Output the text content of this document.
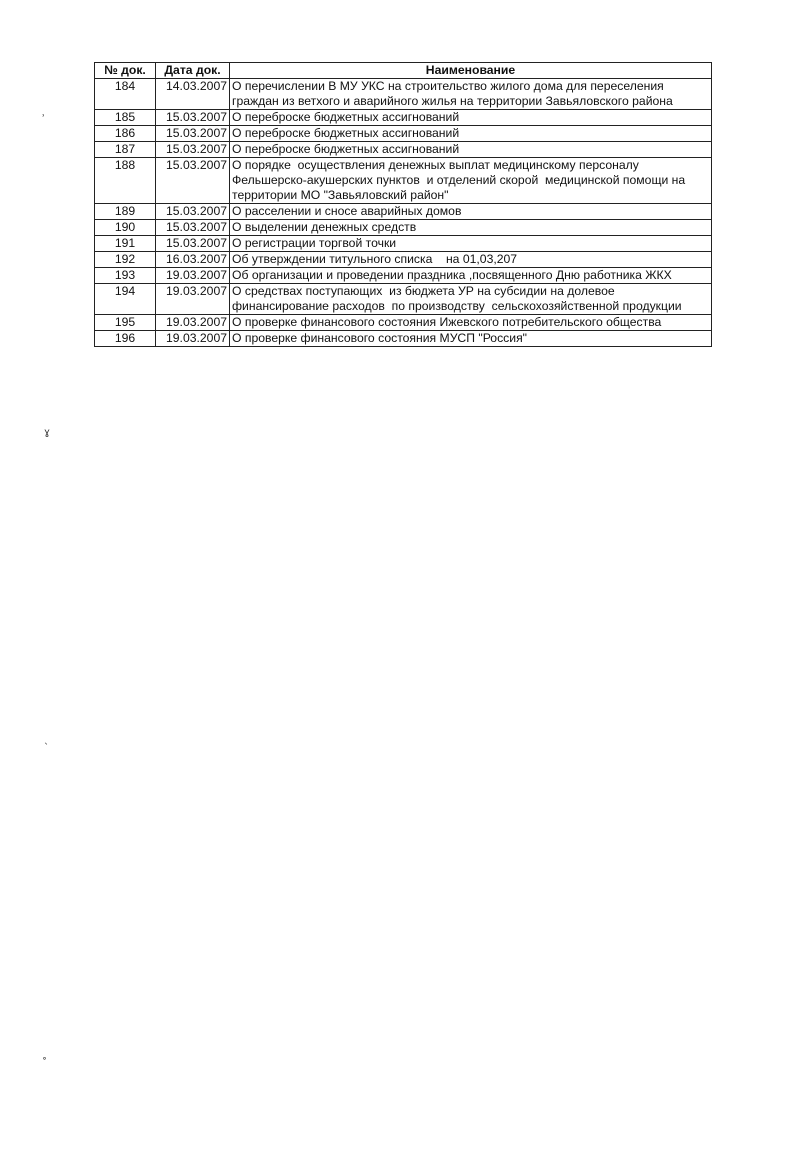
№ док.	Дата док.	Наименование
184	14.03.2007	О перечислении В МУ УКС на строительство жилого дома для переселения граждан из ветхого и аварийного жилья на территории Завьяловского района
185	15.03.2007	О переброске бюджетных ассигнований
186	15.03.2007	О переброске бюджетных ассигнований
187	15.03.2007	О переброске бюджетных ассигнований
188	15.03.2007	О порядке  осуществления денежных выплат медицинскому персоналу Фельшерско-акушерских пунктов  и отделений скорой  медицинской помощи на территории МО "Завьяловский район"
189	15.03.2007	О расселении и сносе аварийных домов
190	15.03.2007	О выделении денежных средств
191	15.03.2007	О регистрации торгвой точки
192	16.03.2007	Об утверждении титульного списка    на 01,03,207
193	19.03.2007	Об организации и проведении праздника ,посвященного Дню работника ЖКХ
194	19.03.2007	О средствах поступающих  из бюджета УР на субсидии на долевое финансирование расходов  по производству  сельскохозяйственной продукции
195	19.03.2007	О проверке финансового состояния Ижевского потребительского общества
196	19.03.2007	О проверке финансового состояния МУСП "Россия"
˒
ɣ
ˎ
˳
